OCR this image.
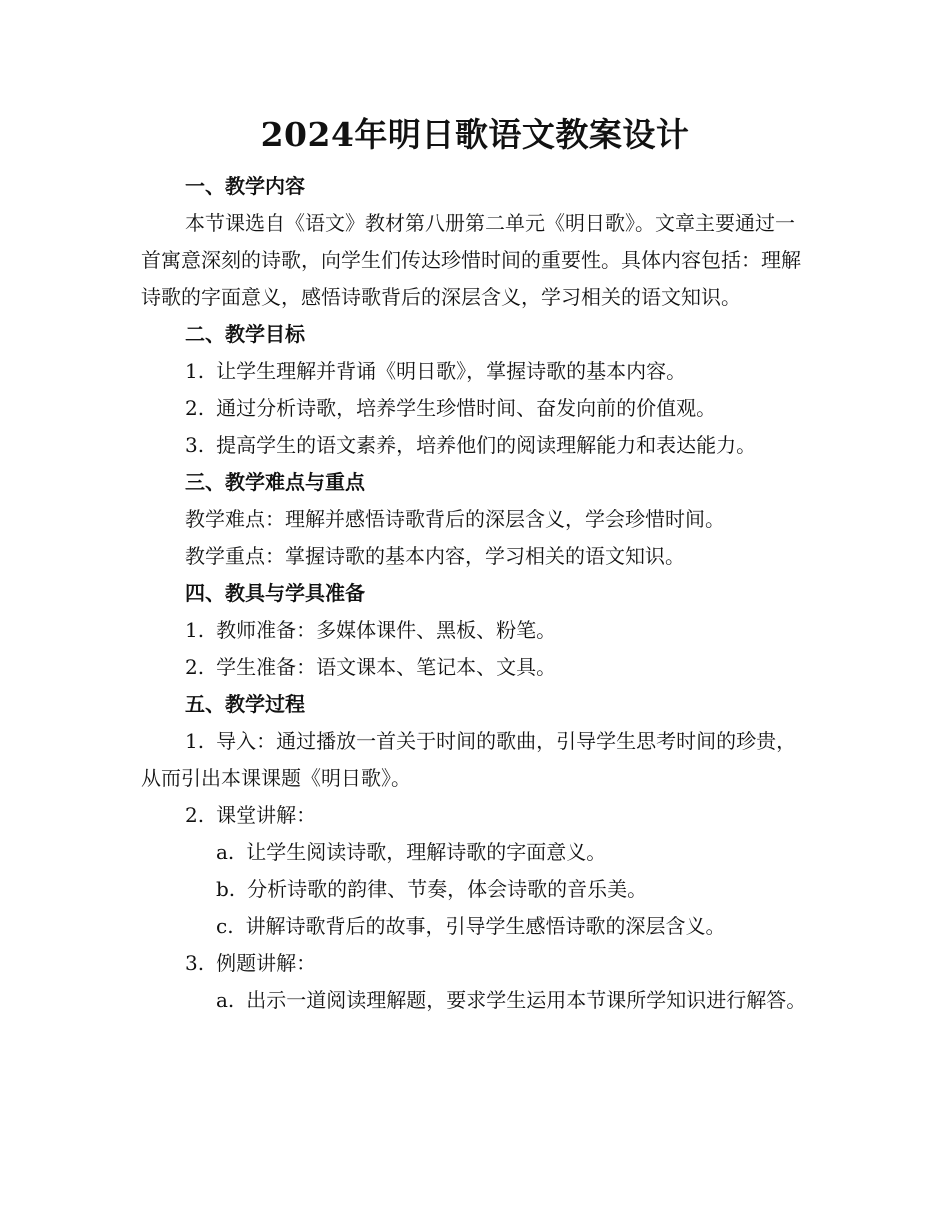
2024年明日歌语文教案设计

一、教学内容

本节课选自《语文》教材第八册第二单元《明日歌》。文章主要通过一首寓意深刻的诗歌，向学生们传达珍惜时间的重要性。具体内容包括：理解诗歌的字面意义，感悟诗歌背后的深层含义，学习相关的语文知识。

二、教学目标

1. 让学生理解并背诵《明日歌》，掌握诗歌的基本内容。

2. 通过分析诗歌，培养学生珍惜时间、奋发向前的价值观。

3. 提高学生的语文素养，培养他们的阅读理解能力和表达能力。

三、教学难点与重点

教学难点：理解并感悟诗歌背后的深层含义，学会珍惜时间。

教学重点：掌握诗歌的基本内容，学习相关的语文知识。

四、教具与学具准备

1. 教师准备：多媒体课件、黑板、粉笔。

2. 学生准备：语文课本、笔记本、文具。

五、教学过程

1. 导入：通过播放一首关于时间的歌曲，引导学生思考时间的珍贵，从而引出本课课题《明日歌》。

2. 课堂讲解：

a. 让学生阅读诗歌，理解诗歌的字面意义。

b. 分析诗歌的韵律、节奏，体会诗歌的音乐美。

c. 讲解诗歌背后的故事，引导学生感悟诗歌的深层含义。

3. 例题讲解：

a. 出示一道阅读理解题，要求学生运用本节课所学知识进行解答。
